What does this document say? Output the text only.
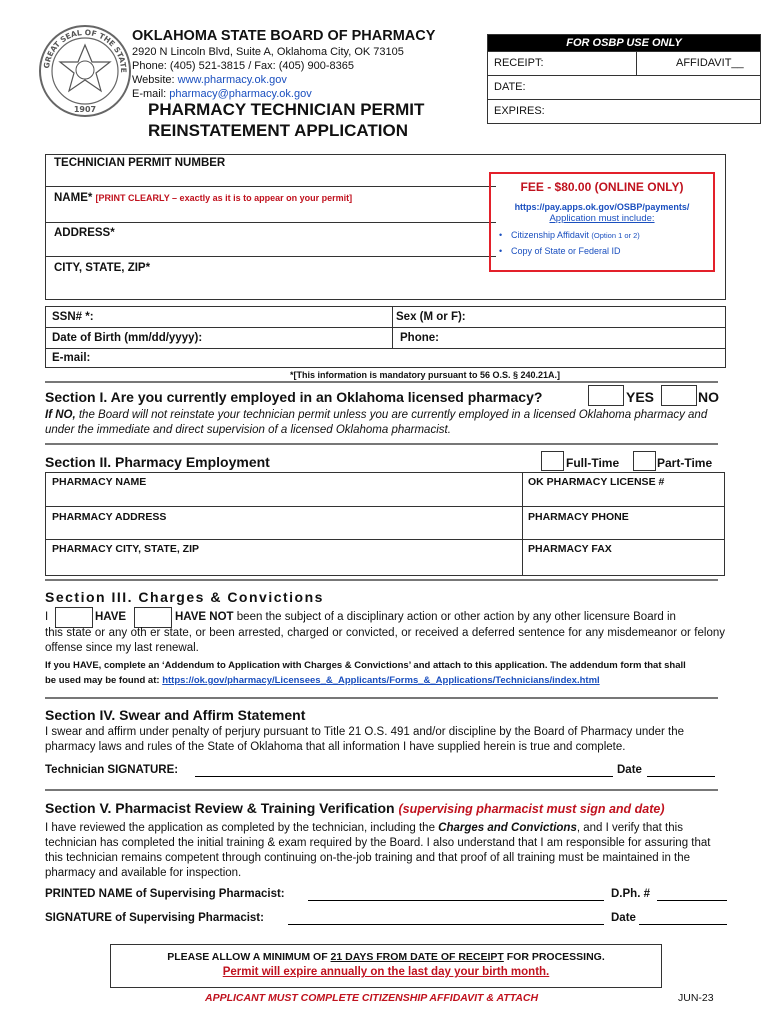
GREAT SEAL OF THE STATE
1907
OKLAHOMA STATE BOARD OF PHARMACY
2920 N Lincoln Blvd, Suite A, Oklahoma City, OK 73105
Phone: (405) 521-3815 / Fax: (405) 900-8365
Website: www.pharmacy.ok.gov
E-mail: pharmacy@pharmacy.ok.gov
PHARMACY TECHNICIAN PERMIT
REINSTATEMENT APPLICATION
FOR OSBP USE ONLY
RECEIPT:	AFFIDAVIT__
DATE:
EXPIRES:
TECHNICIAN PERMIT NUMBER
NAME* [PRINT CLEARLY – exactly as it is to appear on your permit]
ADDRESS*
CITY, STATE, ZIP*
FEE - $80.00 (ONLINE ONLY)
https://pay.apps.ok.gov/OSBP/payments/
Application must include:
• Citizenship Affidavit (Option 1 or 2)
• Copy of State or Federal ID
SSN# *:	Sex (M or F):
Date of Birth (mm/dd/yyyy):	Phone:
E-mail:
*[This information is mandatory pursuant to 56 O.S. § 240.21A.]
Section I. Are you currently employed in an Oklahoma licensed pharmacy?	YES	NO
If NO, the Board will not reinstate your technician permit unless you are currently employed in a licensed Oklahoma pharmacy and under the immediate and direct supervision of a licensed Oklahoma pharmacist.
Section II. Pharmacy Employment	Full-Time	Part-Time
PHARMACY NAME	OK PHARMACY LICENSE #
PHARMACY ADDRESS	PHARMACY PHONE
PHARMACY CITY, STATE, ZIP	PHARMACY FAX
Section III. Charges & Convictions
I	HAVE	HAVE NOT been the subject of a disciplinary action or other action by any other licensure Board in
this state or any oth er state, or been arrested, charged or convicted, or received a deferred sentence for any misdemeanor or felony offense since my last renewal.
If you HAVE, complete an ‘Addendum to Application with Charges & Convictions’ and attach to this application. The addendum form that shall
be used may be found at: https://ok.gov/pharmacy/Licensees_&_Applicants/Forms_&_Applications/Technicians/index.html
Section IV. Swear and Affirm Statement
I swear and affirm under penalty of perjury pursuant to Title 21 O.S. 491 and/or discipline by the Board of Pharmacy under the pharmacy laws and rules of the State of Oklahoma that all information I have supplied herein is true and complete.
Technician SIGNATURE:	Date
Section V. Pharmacist Review & Training Verification (supervising pharmacist must sign and date)
I have reviewed the application as completed by the technician, including the Charges and Convictions, and I verify that this technician has completed the initial training & exam required by the Board. I also understand that I am responsible for assuring that this technician remains competent through continuing on-the-job training and that proof of all training must be maintained in the pharmacy and available for inspection.
PRINTED NAME of Supervising Pharmacist:	D.Ph. #
SIGNATURE of Supervising Pharmacist:	Date
PLEASE ALLOW A MINIMUM OF 21 DAYS FROM DATE OF RECEIPT FOR PROCESSING.
Permit will expire annually on the last day your birth month.
APPLICANT MUST COMPLETE CITIZENSHIP AFFIDAVIT & ATTACH	JUN-23
